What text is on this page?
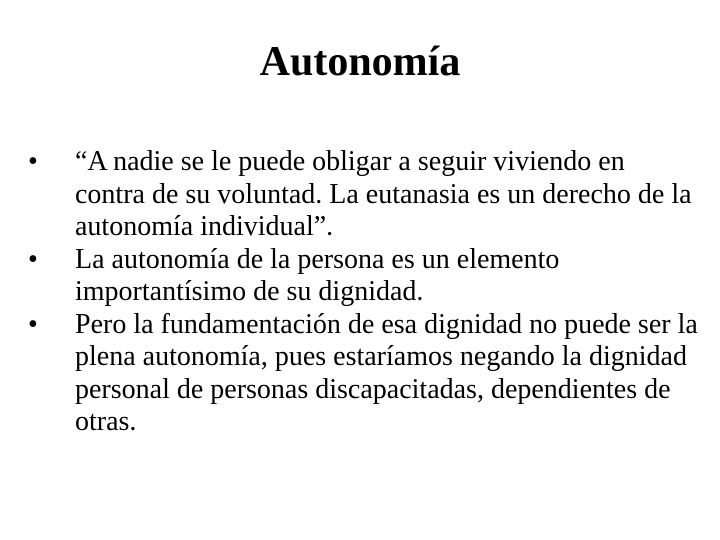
Autonomía
•	“A nadie se le puede obligar a seguir viviendo en contra de su voluntad. La eutanasia es un derecho de la autonomía individual”.
•	La autonomía de la persona es un elemento importantísimo de su dignidad.
•	Pero la fundamentación de esa dignidad no puede ser la plena autonomía, pues estaríamos negando la dignidad personal de personas discapacitadas, dependientes de otras.
